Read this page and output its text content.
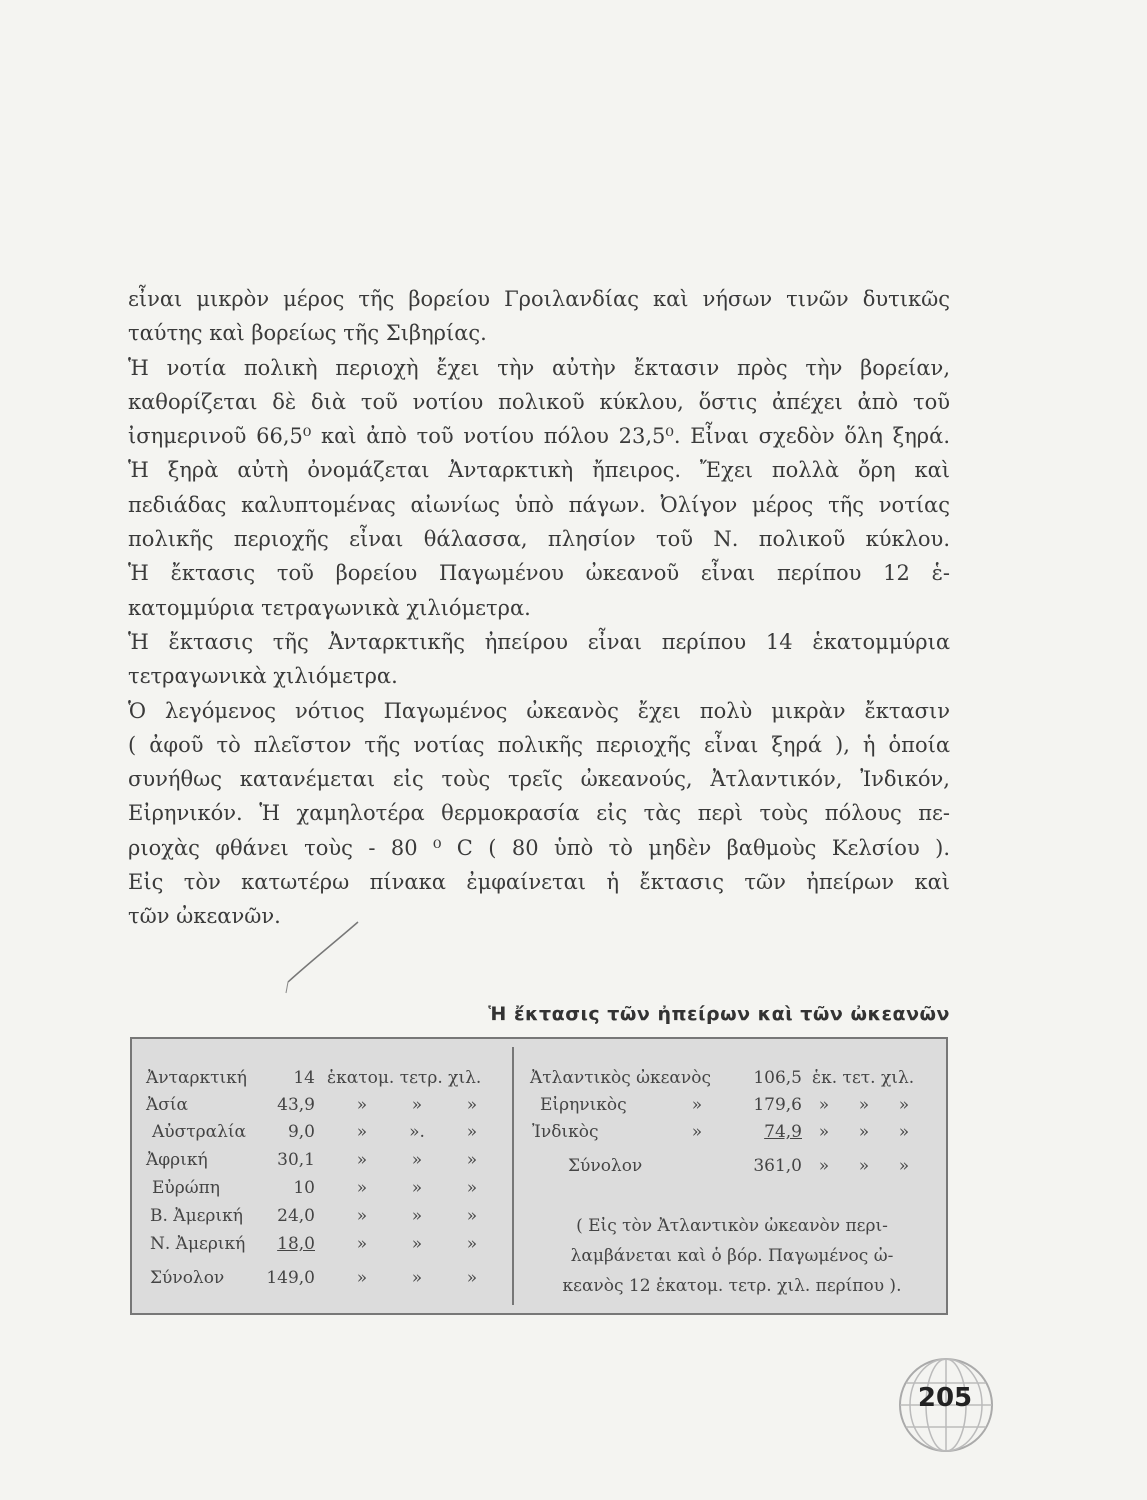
εἶναι μικρὸν μέρος τῆς βορείου Γροιλανδίας καὶ νήσων τινῶν δυτικῶς
ταύτης καὶ βορείως τῆς Σιβηρίας.
Ἡ νοτία πολικὴ περιοχὴ ἔχει τὴν αὐτὴν ἔκτασιν πρὸς τὴν βορείαν,
καθορίζεται δὲ διὰ τοῦ νοτίου πολικοῦ κύκλου, ὅστις ἀπέχει ἀπὸ τοῦ
ἰσημερινοῦ 66,5⁰ καὶ ἀπὸ τοῦ νοτίου πόλου 23,5⁰. Εἶναι σχεδὸν ὅλη ξηρά.
Ἡ ξηρὰ αὐτὴ ὀνομάζεται Ἀνταρκτικὴ ἤπειρος. Ἔχει πολλὰ ὄρη καὶ
πεδιάδας καλυπτομένας αἰωνίως ὑπὸ πάγων. Ὀλίγον μέρος τῆς νοτίας
πολικῆς περιοχῆς εἶναι θάλασσα, πλησίον τοῦ Ν. πολικοῦ κύκλου.
Ἡ ἔκτασις τοῦ βορείου Παγωμένου ὠκεανοῦ εἶναι περίπου 12 ἑ-
κατομμύρια τετραγωνικὰ χιλιόμετρα.
Ἡ ἔκτασις τῆς Ἀνταρκτικῆς ἠπείρου εἶναι περίπου 14 ἑκατομμύρια
τετραγωνικὰ χιλιόμετρα.
Ὁ λεγόμενος νότιος Παγωμένος ὠκεανὸς ἔχει πολὺ μικρὰν ἔκτασιν
( ἀφοῦ τὸ πλεῖστον τῆς νοτίας πολικῆς περιοχῆς εἶναι ξηρά ), ἡ ὁποία
συνήθως κατανέμεται εἰς τοὺς τρεῖς ὠκεανούς, Ἀτλαντικόν, Ἰνδικόν,
Εἰρηνικόν. Ἡ χαμηλοτέρα θερμοκρασία εἰς τὰς περὶ τοὺς πόλους πε-
ριοχὰς φθάνει τοὺς - 80 ⁰ C ( 80 ὑπὸ τὸ μηδὲν βαθμοὺς Κελσίου ).
Εἰς τὸν κατωτέρω πίνακα ἐμφαίνεται ἡ ἔκτασις τῶν ἠπείρων καὶ
τῶν ὠκεανῶν.
Ἡ ἔκτασις τῶν ἠπείρων καὶ τῶν ὠκεανῶν
Ἀνταρκτική	14 ἑκατομ. τετρ. χιλ.
Ἀσία	43,9 »	»	»
Αὐστραλία	9,0 » ». »
Ἀφρική	30,1 »	»	»
Εὐρώπη	10 »	»	»
Β. Ἀμερική	24,0 »	»	»
Ν. Ἀμερική	18,0 »	»	»
Σύνολον	149,0 »	»	»
Ἀτλαντικὸς ὠκεανὸς	106,5 ἑκ. τετ. χιλ.
Εἰρηνικὸς	»	179,6 » » »
Ἰνδικὸς	»	74,9 » » »
Σύνολον	361,0 » » »
( Εἰς τὸν Ἀτλαντικὸν ὠκεανὸν περι-
λαμβάνεται καὶ ὁ βόρ. Παγωμένος ὠ-
κεανὸς 12 ἑκατομ. τετρ. χιλ. περίπου ).
205
